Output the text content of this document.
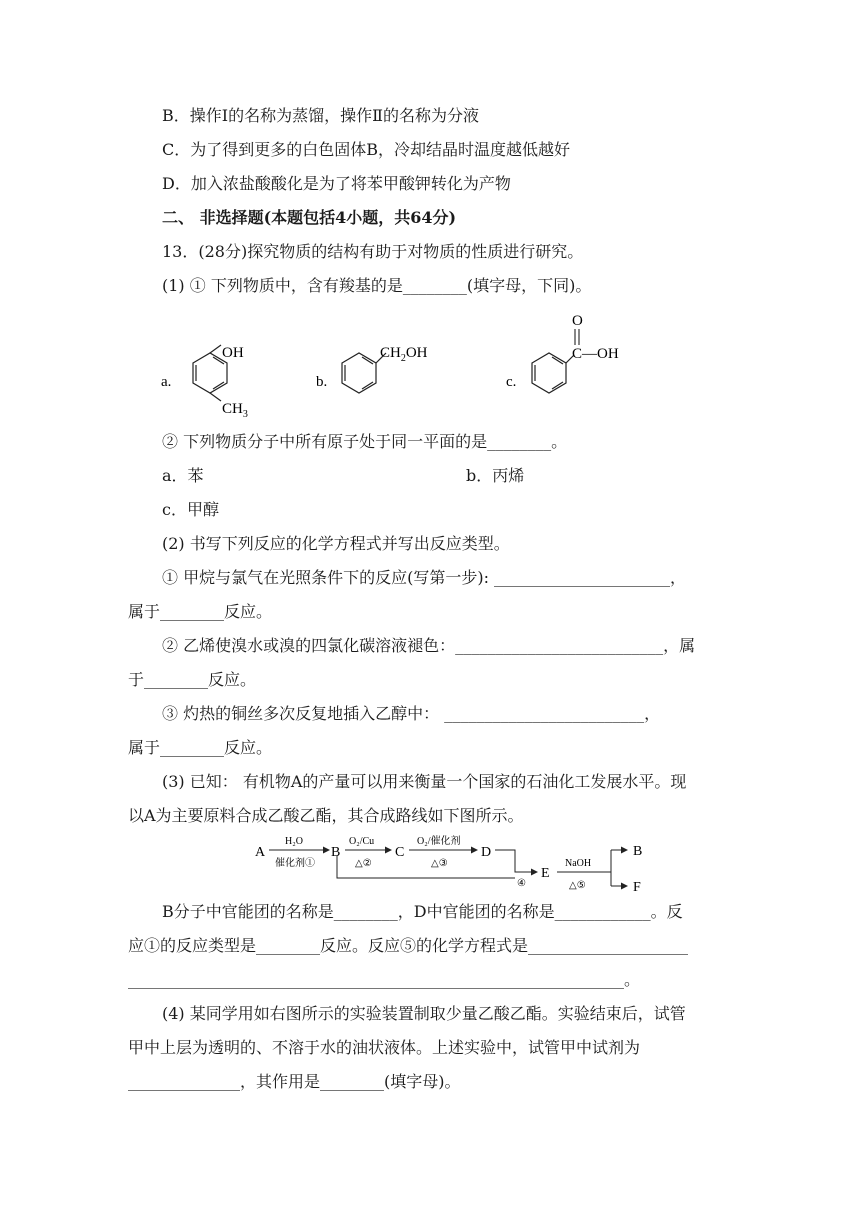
B．操作Ⅰ的名称为蒸馏，操作Ⅱ的名称为分液
C．为了得到更多的白色固体B，冷却结晶时温度越低越好
D．加入浓盐酸酸化是为了将苯甲酸钾转化为产物
二、 非选择题(本题包括4小题，共64分)
13．(28分)探究物质的结构有助于对物质的性质进行研究。
(1) ① 下列物质中，含有羧基的是________(填字母，下同)。
a.
OH
$CH_3$
b.
$CH_2OH$
c.
C
O
—OH
② 下列物质分子中所有原子处于同一平面的是________。
a．苯	b．丙烯
c．甲醇
(2) 书写下列反应的化学方程式并写出反应类型。
① 甲烷与氯气在光照条件下的反应(写第一步): ______________________，
属于________反应。
② 乙烯使溴水或溴的四氯化碳溶液褪色：__________________________，属
于________反应。
③ 灼热的铜丝多次反复地插入乙醇中： _________________________，
属于________反应。
(3) 已知： 有机物A的产量可以用来衡量一个国家的石油化工发展水平。现
以A为主要原料合成乙酸乙酯，其合成路线如下图所示。
A
H₂O
催化剂①
B
O₂/Cu
△②
C
O₂/催化剂
△③
D
④
E
NaOH
△⑤
B
F
B分子中官能团的名称是________，D中官能团的名称是____________。反
应①的反应类型是________反应。反应⑤的化学方程式是____________________
______________________________________________________________。
(4) 某同学用如右图所示的实验装置制取少量乙酸乙酯。实验结束后，试管
甲中上层为透明的、不溶于水的油状液体。上述实验中，试管甲中试剂为
______________，其作用是________(填字母)。
